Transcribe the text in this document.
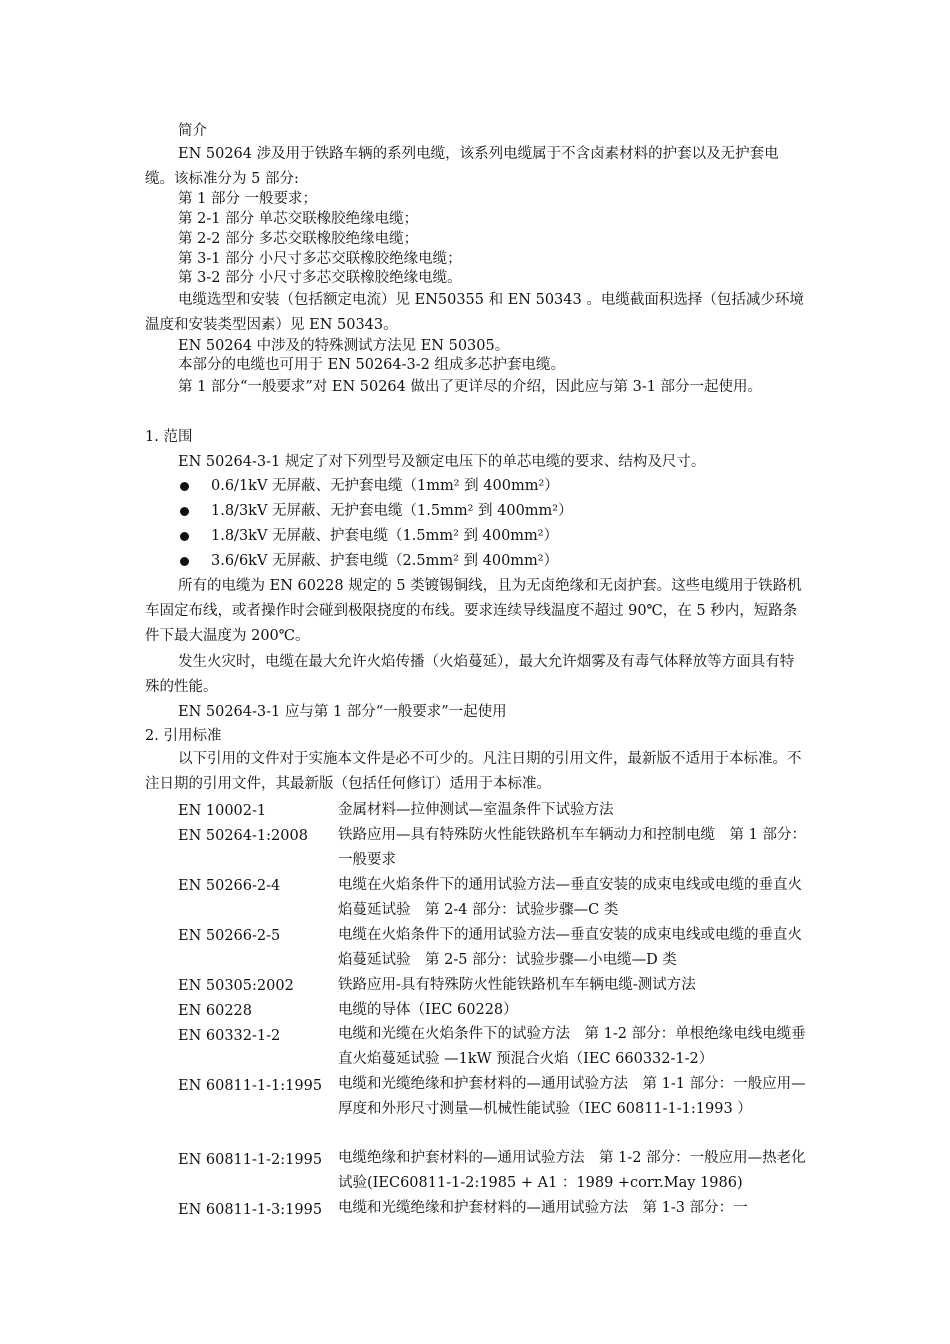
简介
EN 50264 涉及用于铁路车辆的系列电缆，该系列电缆属于不含卤素材料的护套以及无护套电缆。该标准分为 5 部分:
第 1 部分 一般要求；
第 2-1 部分 单芯交联橡胶绝缘电缆；
第 2-2 部分 多芯交联橡胶绝缘电缆；
第 3-1 部分 小尺寸多芯交联橡胶绝缘电缆；
第 3-2 部分 小尺寸多芯交联橡胶绝缘电缆。
电缆选型和安装（包括额定电流）见 EN50355 和 EN 50343 。电缆截面积选择（包括减少环境温度和安装类型因素）见 EN 50343。
EN 50264 中涉及的特殊测试方法见 EN 50305。
本部分的电缆也可用于 EN 50264-3-2 组成多芯护套电缆。
第 1 部分“一般要求”对 EN 50264 做出了更详尽的介绍，因此应与第 3-1 部分一起使用。
1. 范围
EN 50264-3-1 规定了对下列型号及额定电压下的单芯电缆的要求、结构及尺寸。
0.6/1kV 无屏蔽、无护套电缆（1mm² 到 400mm²）
1.8/3kV 无屏蔽、无护套电缆（1.5mm² 到 400mm²）
1.8/3kV 无屏蔽、护套电缆（1.5mm² 到 400mm²）
3.6/6kV 无屏蔽、护套电缆（2.5mm² 到 400mm²）
所有的电缆为 EN 60228 规定的 5 类镀锡铜线，且为无卤绝缘和无卤护套。这些电缆用于铁路机车固定布线，或者操作时会碰到极限挠度的布线。要求连续导线温度不超过 90℃，在 5 秒内，短路条件下最大温度为 200℃。
发生火灾时，电缆在最大允许火焰传播（火焰蔓延），最大允许烟雾及有毒气体释放等方面具有特殊的性能。
EN 50264-3-1 应与第 1 部分“一般要求”一起使用
2. 引用标准
以下引用的文件对于实施本文件是必不可少的。凡注日期的引用文件，最新版不适用于本标准。不注日期的引用文件，其最新版（包括任何修订）适用于本标准。
EN 10002-1	金属材料—拉伸测试—室温条件下试验方法
EN 50264-1:2008 铁路应用—具有特殊防火性能铁路机车车辆动力和控制电缆　第 1 部分： 一般要求
EN 50266-2-4	电缆在火焰条件下的通用试验方法—垂直安装的成束电线或电缆的垂直火焰蔓延试验　第 2-4 部分：试验步骤—C 类
EN 50266-2-5	电缆在火焰条件下的通用试验方法—垂直安装的成束电线或电缆的垂直火焰蔓延试验　第 2-5 部分：试验步骤—小电缆—D 类
EN 50305:2002	铁路应用-具有特殊防火性能铁路机车车辆电缆-测试方法
EN 60228	电缆的导体（IEC 60228）
EN 60332-1-2	电缆和光缆在火焰条件下的试验方法　第 1-2 部分：单根绝缘电线电缆垂直火焰蔓延试验 —1kW 预混合火焰（IEC 660332-1-2）
EN 60811-1-1:1995 电缆和光缆绝缘和护套材料的—通用试验方法　第 1-1 部分：一般应用—厚度和外形尺寸测量—机械性能试验（IEC 60811-1-1:1993 ）
EN 60811-1-2:1995 电缆绝缘和护套材料的—通用试验方法　第 1-2 部分：一般应用—热老化试验(IEC60811-1-2:1985 + A1 ：1989 +corr.May 1986)
EN 60811-1-3:1995 电缆和光缆绝缘和护套材料的—通用试验方法　第 1-3 部分：一
